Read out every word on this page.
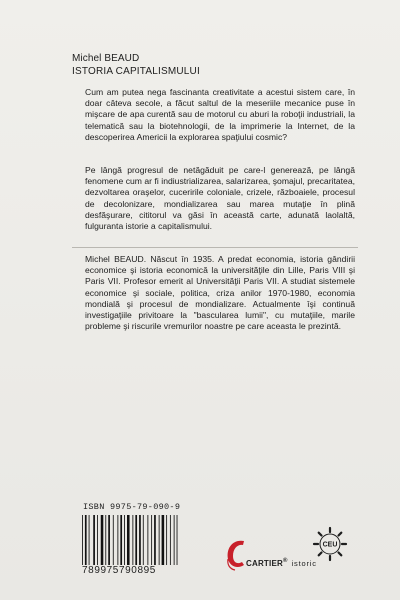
Michel BEAUD
ISTORIA CAPITALISMULUI
Cum am putea nega fascinanta creativitate a acestui sistem care, în doar câteva secole, a făcut saltul de la meseriile mecanice puse în mişcare de apa curentă sau de motorul cu aburi la roboţii industriali, la telematică sau la biotehnologii, de la imprimerie la Internet, de la descoperirea Americii la explorarea spaţiului cosmic?
Pe lângă progresul de netăgăduit pe care-l generează, pe lângă fenomene cum ar fi indiustrializarea, salarizarea, şomajul, precaritatea, dezvoltarea oraşelor, cuceririle coloniale, crizele, războaiele, procesul de decolonizare, mondializarea sau marea mutaţie în plină desfăşurare, cititorul va găsi în această carte, adunată laolaltă, fulguranta istorie a capitalismului.
Michel BEAUD. Născut în 1935. A predat economia, istoria gândirii economice şi istoria economică la universităţile din Lille, Paris VIII şi Paris VII. Profesor emerit al Universităţii Paris VII. A studiat sistemele economice şi sociale, politica, criza anilor 1970-1980, economia mondială şi procesul de mondializare. Actualmente îşi continuă investigaţiile privitoare la "bascularea lumii", cu mutaţiile, marile probleme şi riscurile vremurilor noastre pe care aceasta le prezintă.
ISBN 9975-79-090-9
789975790895
CARTIER ® istoric
CEU
